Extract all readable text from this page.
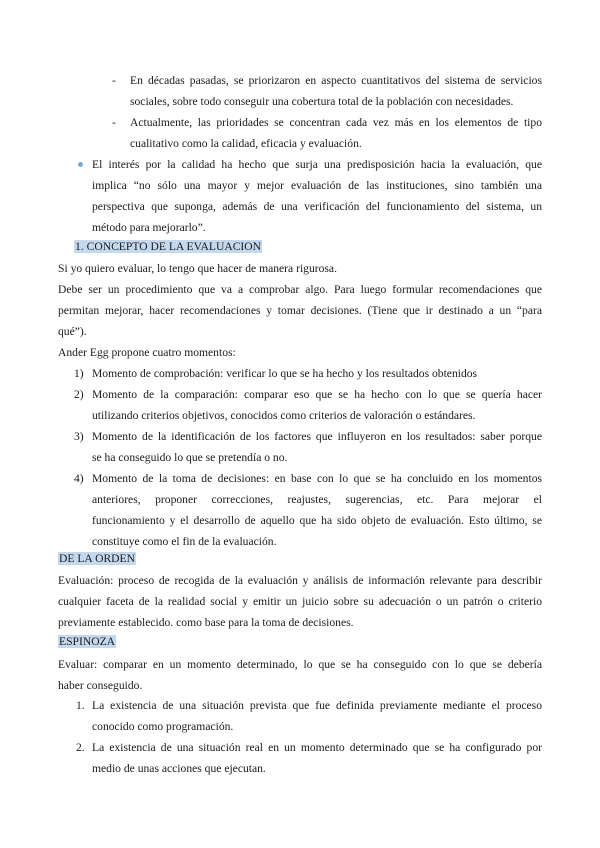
- En décadas pasadas, se priorizaron en aspecto cuantitativos del sistema de servicios
sociales, sobre todo conseguir una cobertura total de la población con necesidades.
- Actualmente, las prioridades se concentran cada vez más en los elementos de tipo
cualitativo como la calidad, eficacia y evaluación.
El interés por la calidad ha hecho que surja una predisposición hacia la evaluación, que
implica “no sólo una mayor y mejor evaluación de las instituciones, sino también una
perspectiva que suponga, además de una verificación del funcionamiento del sistema, un
método para mejorarlo”.
1. CONCEPTO DE LA EVALUACION
Si yo quiero evaluar, lo tengo que hacer de manera rigurosa.
Debe ser un procedimiento que va a comprobar algo. Para luego formular recomendaciones que
permitan mejorar, hacer recomendaciones y tomar decisiones. (Tiene que ir destinado a un “para
qué”).
Ander Egg propone cuatro momentos:
1) Momento de comprobación: verificar lo que se ha hecho y los resultados obtenidos
2) Momento de la comparación: comparar eso que se ha hecho con lo que se quería hacer
utilizando criterios objetivos, conocidos como criterios de valoración o estándares.
3) Momento de la identificación de los factores que influyeron en los resultados: saber porque
se ha conseguido lo que se pretendía o no.
4) Momento de la toma de decisiones: en base con lo que se ha concluido en los momentos
anteriores, proponer correcciones, reajustes, sugerencias, etc. Para mejorar el
funcionamiento y el desarrollo de aquello que ha sido objeto de evaluación. Esto último, se
constituye como el fin de la evaluación.
DE LA ORDEN
Evaluación: proceso de recogida de la evaluación y análisis de información relevante para describir
cualquier faceta de la realidad social y emitir un juicio sobre su adecuación o un patrón o criterio
previamente establecido. como base para la toma de decisiones.
ESPINOZA
Evaluar: comparar en un momento determinado, lo que se ha conseguido con lo que se debería
haber conseguido.
1. La existencia de una situación prevista que fue definida previamente mediante el proceso
conocido como programación.
2. La existencia de una situación real en un momento determinado que se ha configurado por
medio de unas acciones que ejecutan.
